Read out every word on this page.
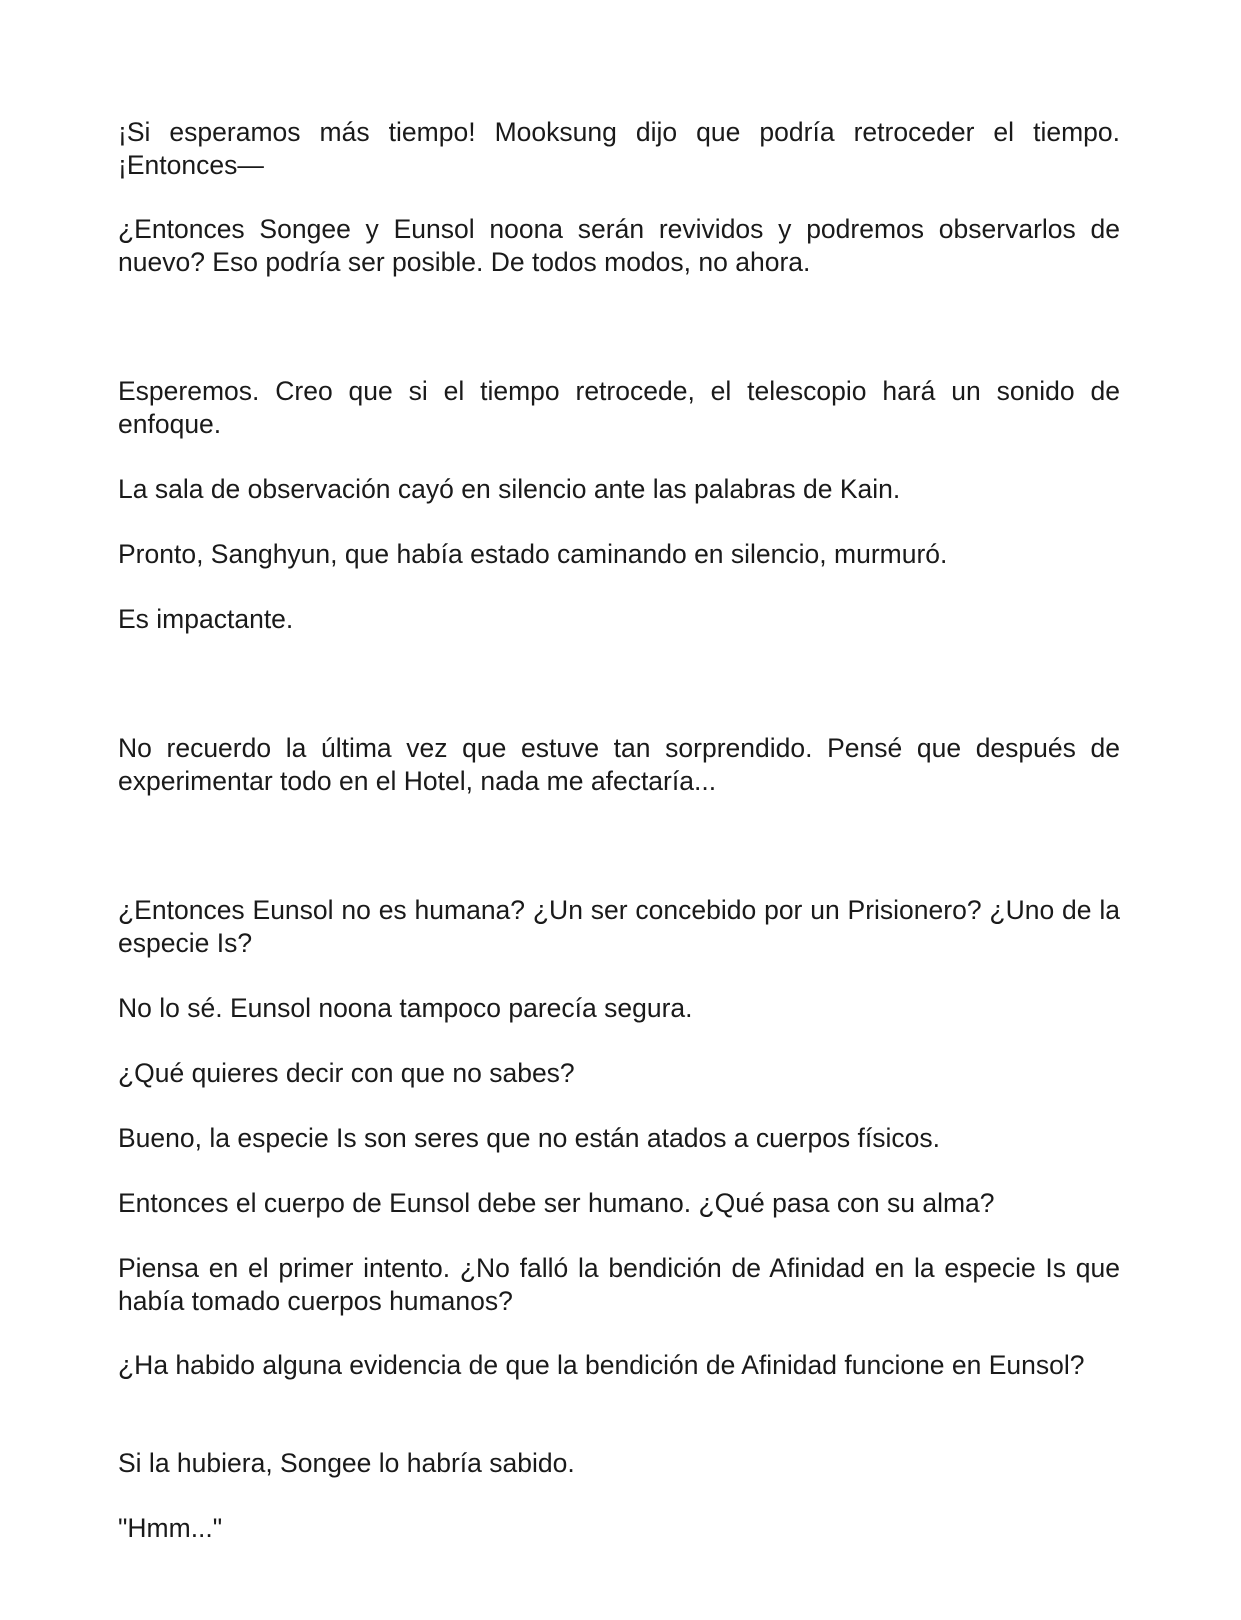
¡Si esperamos más tiempo! Mooksung dijo que podría retroceder el tiempo. ¡Entonces—

¿Entonces Songee y Eunsol noona serán revividos y podremos observarlos de nuevo? Eso podría ser posible. De todos modos, no ahora.

Esperemos. Creo que si el tiempo retrocede, el telescopio hará un sonido de enfoque.

La sala de observación cayó en silencio ante las palabras de Kain.

Pronto, Sanghyun, que había estado caminando en silencio, murmuró.

Es impactante.

No recuerdo la última vez que estuve tan sorprendido. Pensé que después de experimentar todo en el Hotel, nada me afectaría...

¿Entonces Eunsol no es humana? ¿Un ser concebido por un Prisionero? ¿Uno de la especie Is?

No lo sé. Eunsol noona tampoco parecía segura.

¿Qué quieres decir con que no sabes?

Bueno, la especie Is son seres que no están atados a cuerpos físicos.

Entonces el cuerpo de Eunsol debe ser humano. ¿Qué pasa con su alma?

Piensa en el primer intento. ¿No falló la bendición de Afinidad en la especie Is que había tomado cuerpos humanos?

¿Ha habido alguna evidencia de que la bendición de Afinidad funcione en Eunsol?

Si la hubiera, Songee lo habría sabido.

"Hmm..."
